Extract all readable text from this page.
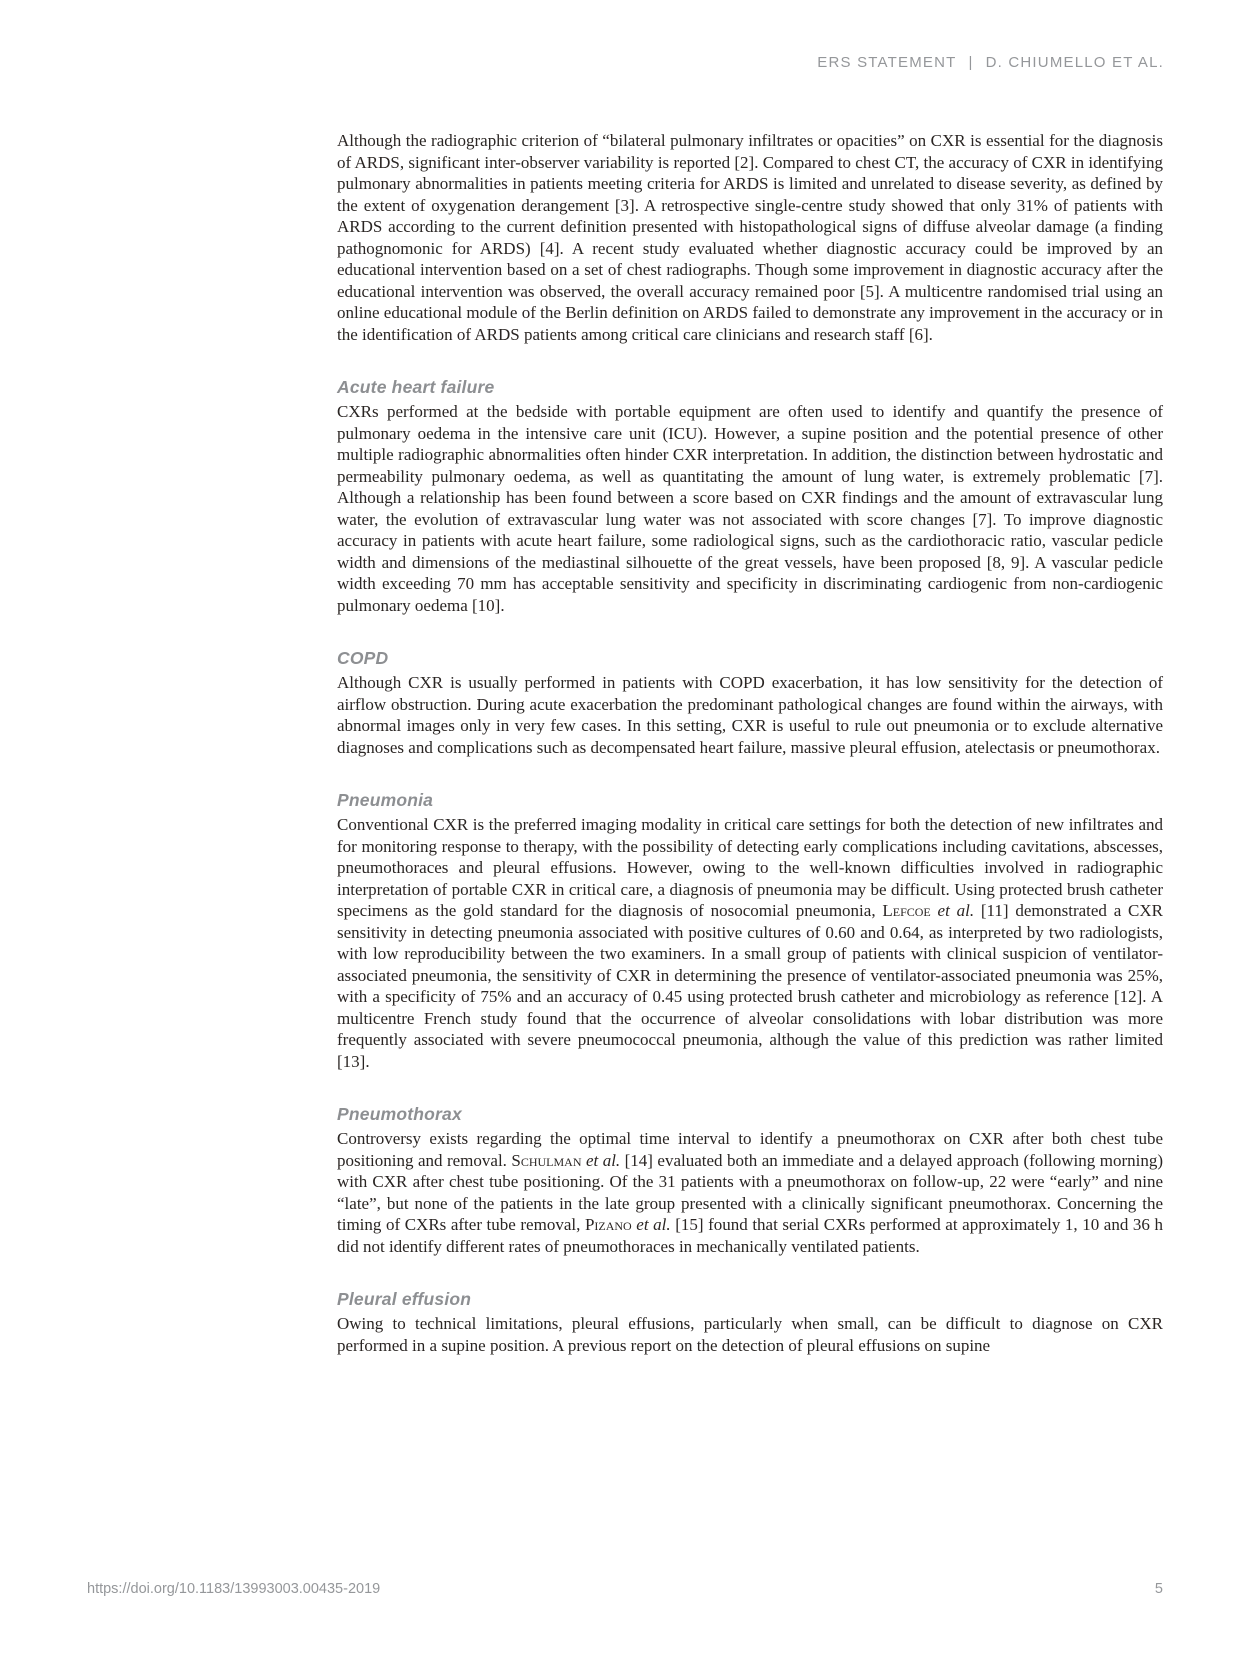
ERS STATEMENT | D. CHIUMELLO ET AL.

Although the radiographic criterion of “bilateral pulmonary infiltrates or opacities” on CXR is essential for the diagnosis of ARDS, significant inter-observer variability is reported [2]. Compared to chest CT, the accuracy of CXR in identifying pulmonary abnormalities in patients meeting criteria for ARDS is limited and unrelated to disease severity, as defined by the extent of oxygenation derangement [3]. A retrospective single-centre study showed that only 31% of patients with ARDS according to the current definition presented with histopathological signs of diffuse alveolar damage (a finding pathognomonic for ARDS) [4]. A recent study evaluated whether diagnostic accuracy could be improved by an educational intervention based on a set of chest radiographs. Though some improvement in diagnostic accuracy after the educational intervention was observed, the overall accuracy remained poor [5]. A multicentre randomised trial using an online educational module of the Berlin definition on ARDS failed to demonstrate any improvement in the accuracy or in the identification of ARDS patients among critical care clinicians and research staff [6].

Acute heart failure

CXRs performed at the bedside with portable equipment are often used to identify and quantify the presence of pulmonary oedema in the intensive care unit (ICU). However, a supine position and the potential presence of other multiple radiographic abnormalities often hinder CXR interpretation. In addition, the distinction between hydrostatic and permeability pulmonary oedema, as well as quantitating the amount of lung water, is extremely problematic [7]. Although a relationship has been found between a score based on CXR findings and the amount of extravascular lung water, the evolution of extravascular lung water was not associated with score changes [7]. To improve diagnostic accuracy in patients with acute heart failure, some radiological signs, such as the cardiothoracic ratio, vascular pedicle width and dimensions of the mediastinal silhouette of the great vessels, have been proposed [8, 9]. A vascular pedicle width exceeding 70 mm has acceptable sensitivity and specificity in discriminating cardiogenic from non-cardiogenic pulmonary oedema [10].

COPD

Although CXR is usually performed in patients with COPD exacerbation, it has low sensitivity for the detection of airflow obstruction. During acute exacerbation the predominant pathological changes are found within the airways, with abnormal images only in very few cases. In this setting, CXR is useful to rule out pneumonia or to exclude alternative diagnoses and complications such as decompensated heart failure, massive pleural effusion, atelectasis or pneumothorax.

Pneumonia

Conventional CXR is the preferred imaging modality in critical care settings for both the detection of new infiltrates and for monitoring response to therapy, with the possibility of detecting early complications including cavitations, abscesses, pneumothoraces and pleural effusions. However, owing to the well-known difficulties involved in radiographic interpretation of portable CXR in critical care, a diagnosis of pneumonia may be difficult. Using protected brush catheter specimens as the gold standard for the diagnosis of nosocomial pneumonia, Lefcoe et al. [11] demonstrated a CXR sensitivity in detecting pneumonia associated with positive cultures of 0.60 and 0.64, as interpreted by two radiologists, with low reproducibility between the two examiners. In a small group of patients with clinical suspicion of ventilator-associated pneumonia, the sensitivity of CXR in determining the presence of ventilator-associated pneumonia was 25%, with a specificity of 75% and an accuracy of 0.45 using protected brush catheter and microbiology as reference [12]. A multicentre French study found that the occurrence of alveolar consolidations with lobar distribution was more frequently associated with severe pneumococcal pneumonia, although the value of this prediction was rather limited [13].

Pneumothorax

Controversy exists regarding the optimal time interval to identify a pneumothorax on CXR after both chest tube positioning and removal. Schulman et al. [14] evaluated both an immediate and a delayed approach (following morning) with CXR after chest tube positioning. Of the 31 patients with a pneumothorax on follow-up, 22 were “early” and nine “late”, but none of the patients in the late group presented with a clinically significant pneumothorax. Concerning the timing of CXRs after tube removal, Pizano et al. [15] found that serial CXRs performed at approximately 1, 10 and 36 h did not identify different rates of pneumothoraces in mechanically ventilated patients.

Pleural effusion

Owing to technical limitations, pleural effusions, particularly when small, can be difficult to diagnose on CXR performed in a supine position. A previous report on the detection of pleural effusions on supine

https://doi.org/10.1183/13993003.00435-2019	5
